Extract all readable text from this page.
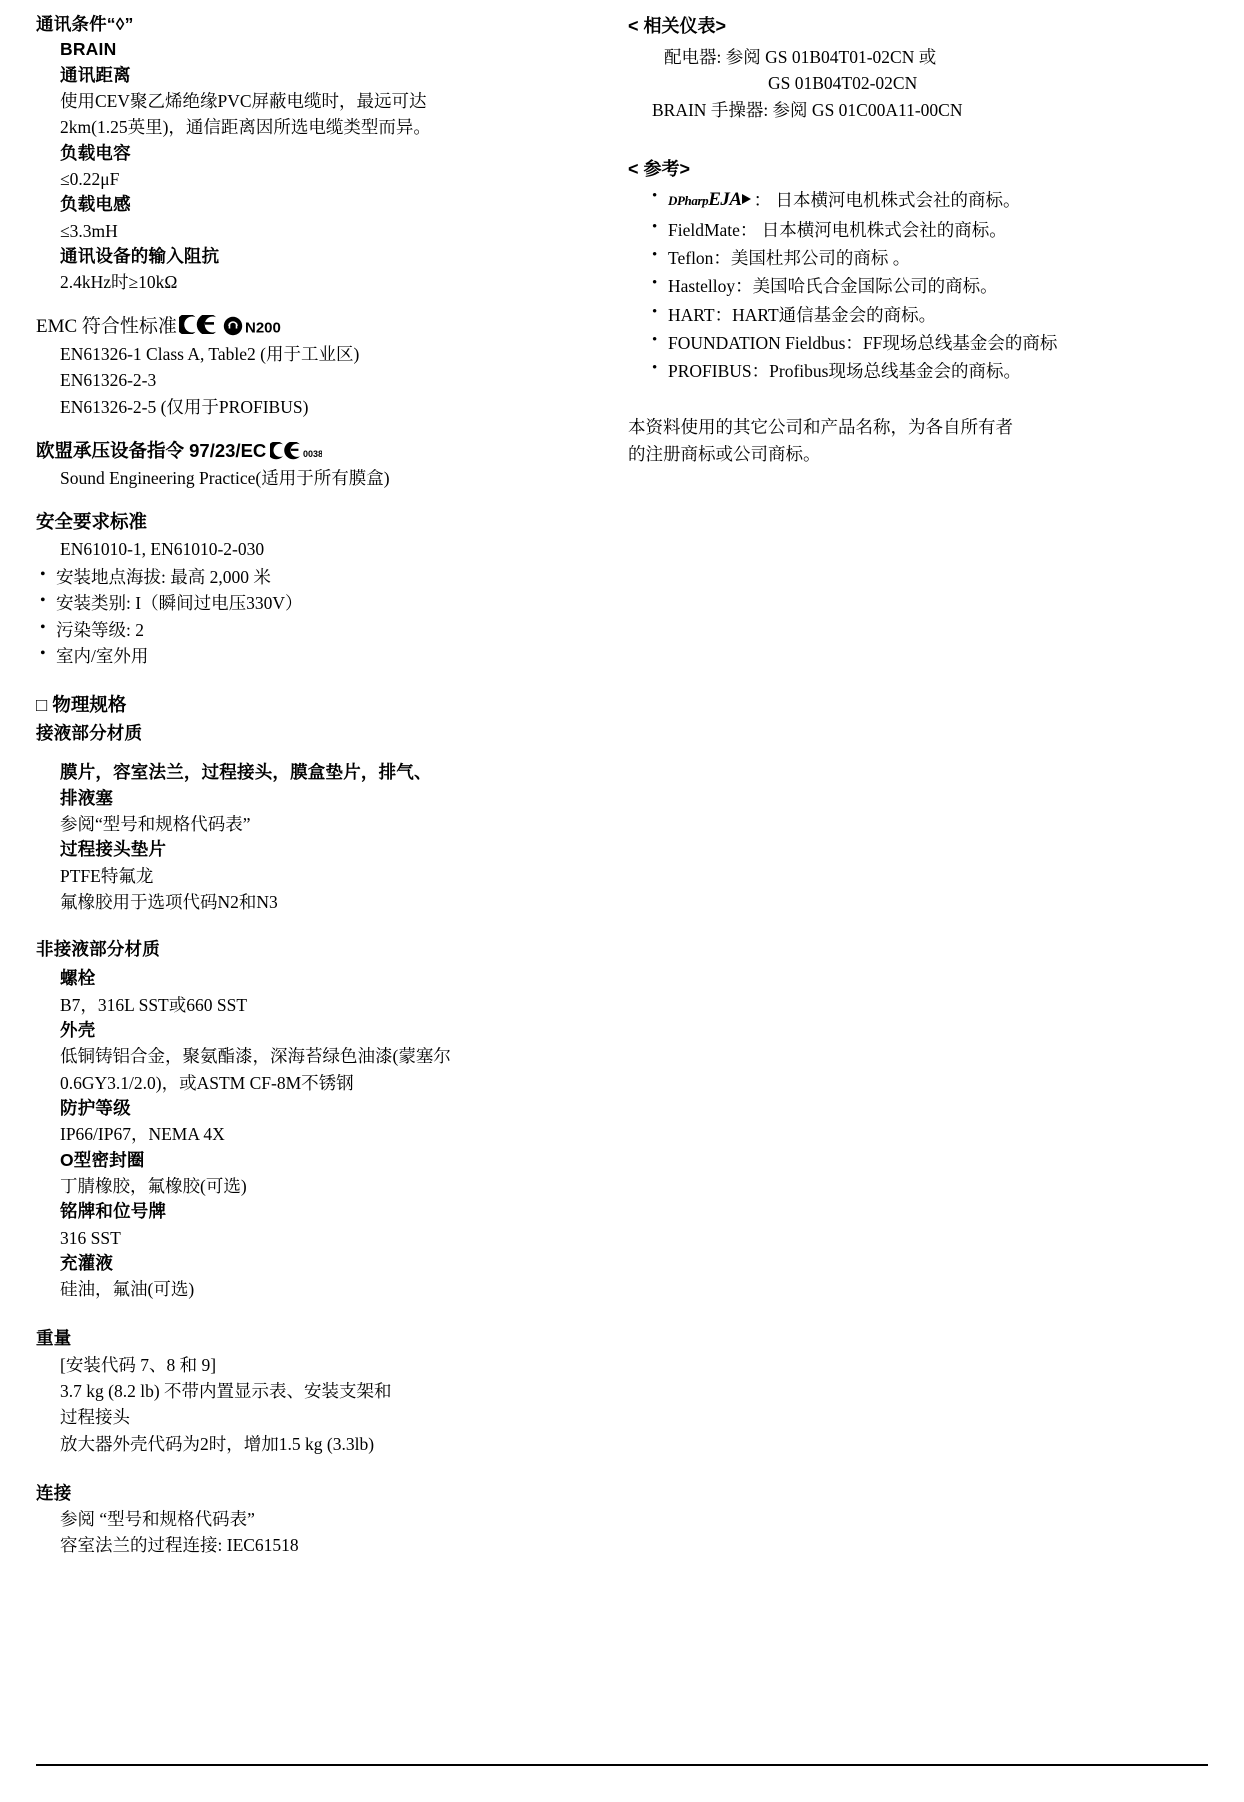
通讯条件“◊”
BRAIN
通讯距离
使用CEV聚乙烯绝缘PVC屏蔽电缆时，最远可达
2km(1.25英里)，通信距离因所选电缆类型而异。
负载电容
≤0.22μF
负载电感
≤3.3mH
通讯设备的输入阻抗
2.4kHz时≥10kΩ
EMC 符合性标准	N200
EN61326-1 Class A, Table2 (用于工业区)
EN61326-2-3
EN61326-2-5 (仅用于PROFIBUS)
欧盟承压设备指令 97/23/EC	0038
Sound Engineering Practice(适用于所有膜盒)
安全要求标准
EN61010-1, EN61010-2-030
• 安装地点海拔: 最高 2,000 米
• 安装类别: I（瞬间过电压330V）
• 污染等级: 2
• 室内/室外用
□ 物理规格
接液部分材质
膜片，容室法兰，过程接头，膜盒垫片，排气、
排液塞
参阅“型号和规格代码表”
过程接头垫片
PTFE特氟龙
氟橡胶用于选项代码N2和N3
非接液部分材质
螺栓
B7，316L SST或660 SST
外壳
低铜铸铝合金，聚氨酯漆，深海苔绿色油漆(蒙塞尔
0.6GY3.1/2.0)，或ASTM CF-8M不锈钢
防护等级
IP66/IP67，NEMA 4X
O型密封圈
丁腈橡胶，氟橡胶(可选)
铭牌和位号牌
316 SST
充灌液
硅油，氟油(可选)
重量
[安装代码 7、8 和 9]
3.7 kg (8.2 lb) 不带内置显示表、安装支架和
过程接头
放大器外壳代码为2时，增加1.5 kg (3.3lb)
连接
参阅 “型号和规格代码表”
容室法兰的过程连接: IEC61518
< 相关仪表>
配电器: 参阅 GS 01B04T01-02CN 或
GS 01B04T02-02CN
BRAIN 手操器: 参阅 GS 01C00A11-00CN
< 参考>
• DPharpEJA ： 日本横河电机株式会社的商标。
• FieldMate： 日本横河电机株式会社的商标。
• Teflon：美国杜邦公司的商标 。
• Hastelloy：美国哈氏合金国际公司的商标。
• HART：HART通信基金会的商标。
• FOUNDATION Fieldbus：FF现场总线基金会的商标
• PROFIBUS：Profibus现场总线基金会的商标。
本资料使用的其它公司和产品名称，为各自所有者
的注册商标或公司商标。
